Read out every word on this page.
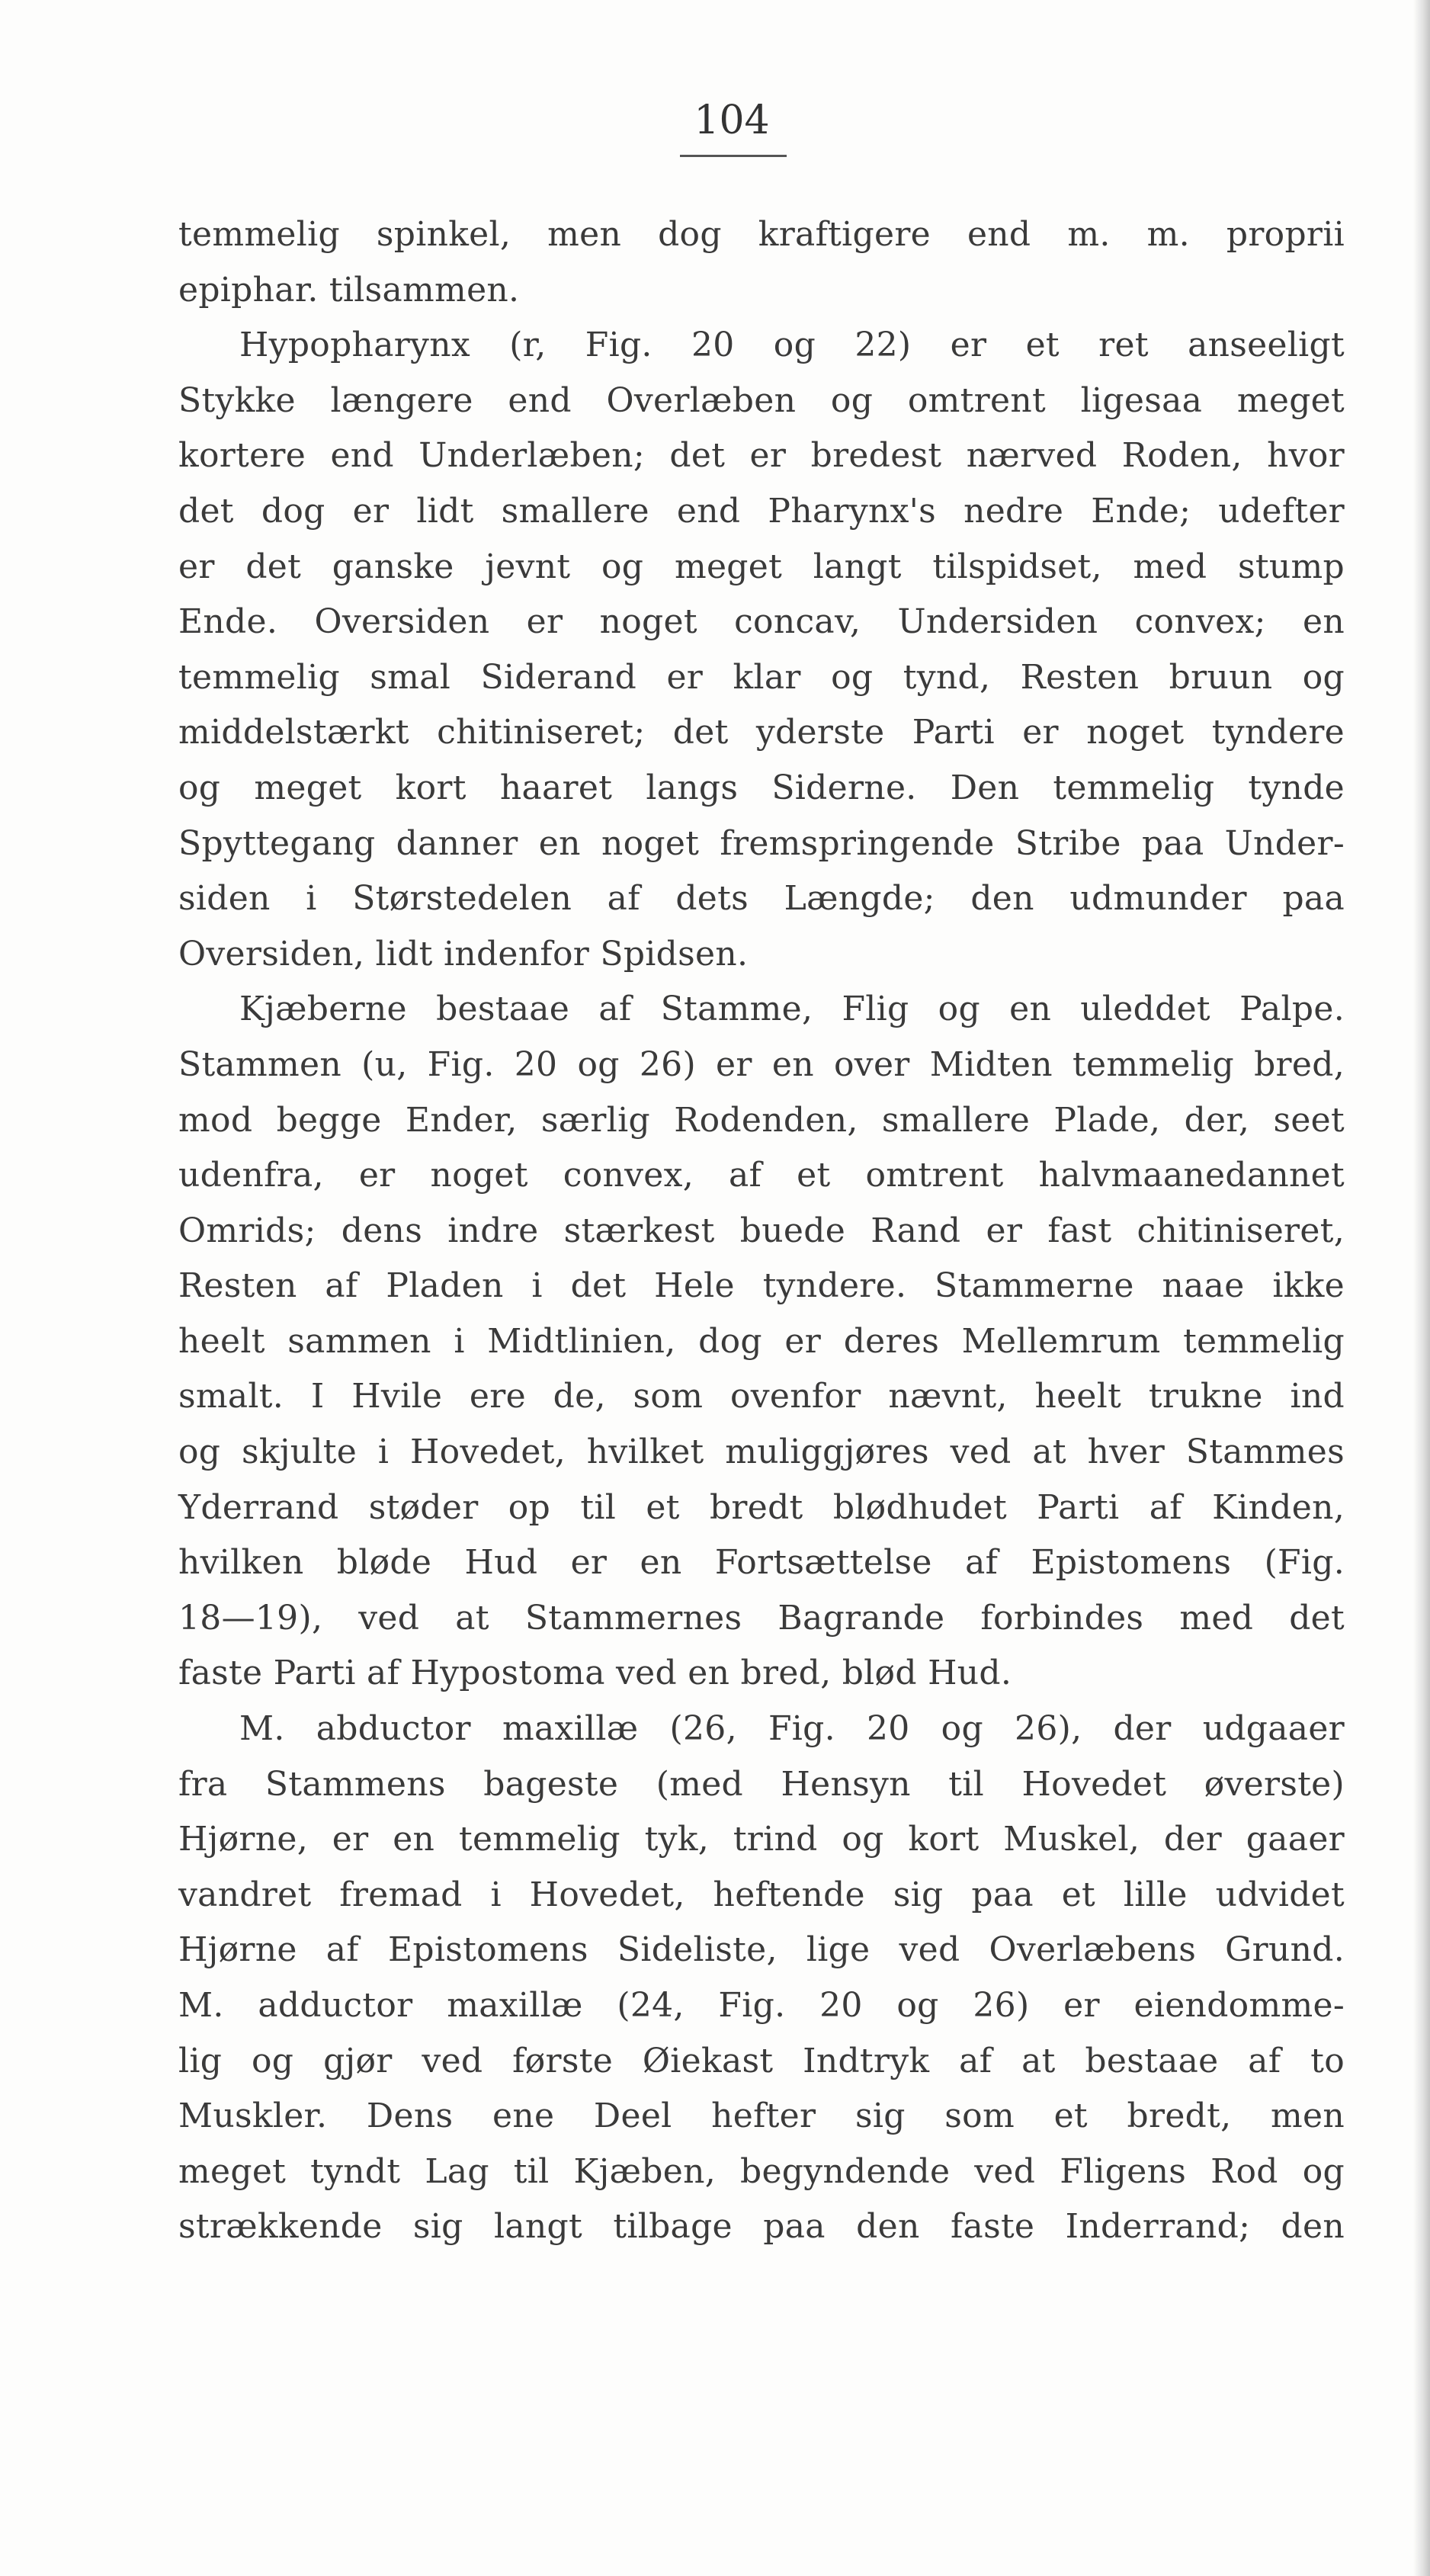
104
temmelig spinkel, men dog kraftigere end m. m. proprii
epiphar. tilsammen.
Hypopharynx (r, Fig. 20 og 22) er et ret anseeligt
Stykke længere end Overlæben og omtrent ligesaa meget
kortere end Underlæben; det er bredest nærved Roden, hvor
det dog er lidt smallere end Pharynx's nedre Ende; udefter
er det ganske jevnt og meget langt tilspidset, med stump
Ende. Oversiden er noget concav, Undersiden convex; en
temmelig smal Siderand er klar og tynd, Resten bruun og
middelstærkt chitiniseret; det yderste Parti er noget tyndere
og meget kort haaret langs Siderne. Den temmelig tynde
Spyttegang danner en noget fremspringende Stribe paa Under-
siden i Størstedelen af dets Længde; den udmunder paa
Oversiden, lidt indenfor Spidsen.
Kjæberne bestaae af Stamme, Flig og en uleddet Palpe.
Stammen (u, Fig. 20 og 26) er en over Midten temmelig bred,
mod begge Ender, særlig Rodenden, smallere Plade, der, seet
udenfra, er noget convex, af et omtrent halvmaanedannet
Omrids; dens indre stærkest buede Rand er fast chitiniseret,
Resten af Pladen i det Hele tyndere. Stammerne naae ikke
heelt sammen i Midtlinien, dog er deres Mellemrum temmelig
smalt. I Hvile ere de, som ovenfor nævnt, heelt trukne ind
og skjulte i Hovedet, hvilket muliggjøres ved at hver Stammes
Yderrand støder op til et bredt blødhudet Parti af Kinden,
hvilken bløde Hud er en Fortsættelse af Epistomens (Fig.
18—19), ved at Stammernes Bagrande forbindes med det
faste Parti af Hypostoma ved en bred, blød Hud.
M. abductor maxillæ (26, Fig. 20 og 26), der udgaaer
fra Stammens bageste (med Hensyn til Hovedet øverste)
Hjørne, er en temmelig tyk, trind og kort Muskel, der gaaer
vandret fremad i Hovedet, heftende sig paa et lille udvidet
Hjørne af Epistomens Sideliste, lige ved Overlæbens Grund.
M. adductor maxillæ (24, Fig. 20 og 26) er eiendomme-
lig og gjør ved første Øiekast Indtryk af at bestaae af to
Muskler. Dens ene Deel hefter sig som et bredt, men
meget tyndt Lag til Kjæben, begyndende ved Fligens Rod og
strækkende sig langt tilbage paa den faste Inderrand; den
